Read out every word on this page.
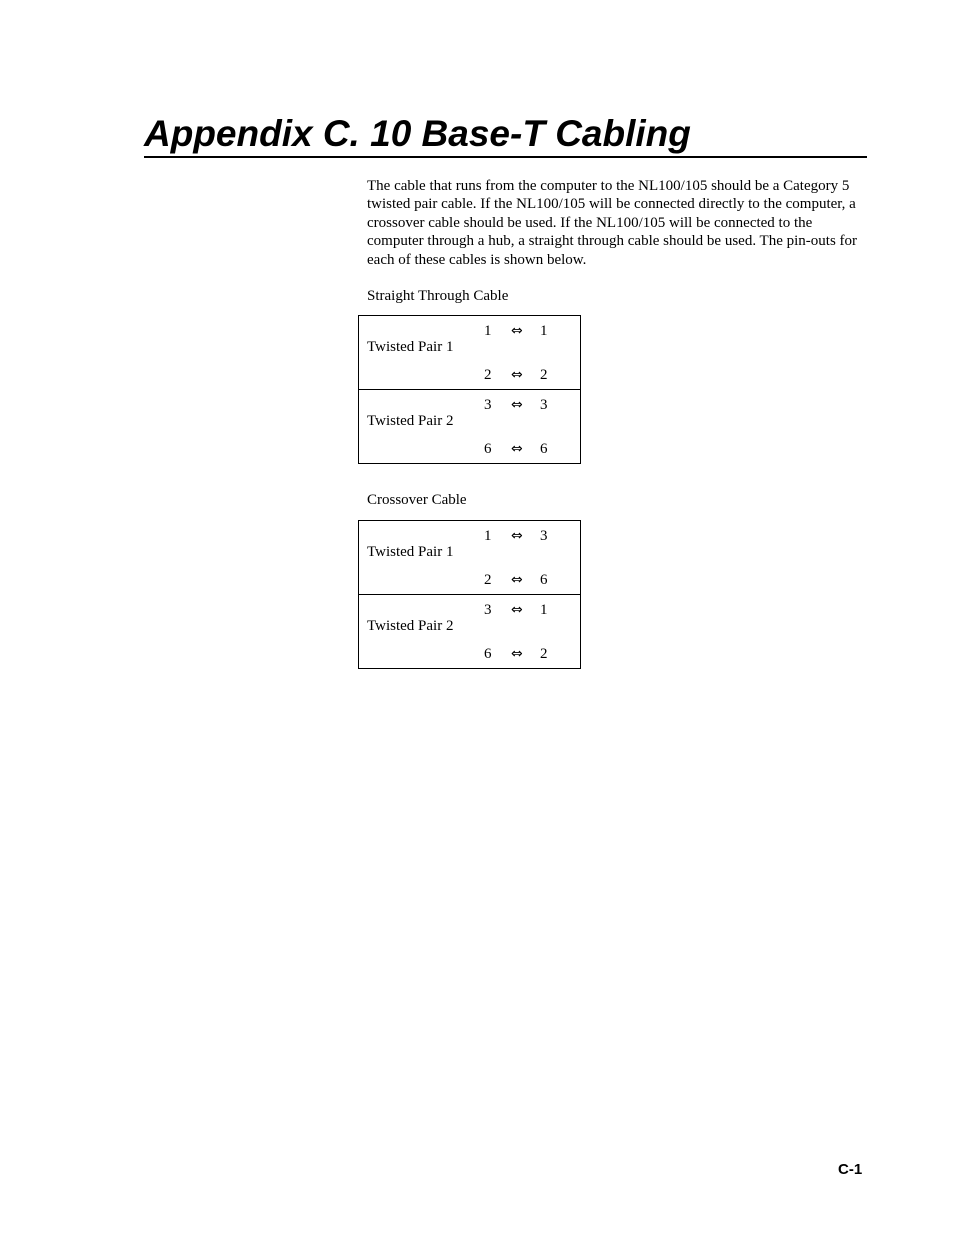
Appendix C. 10 Base-T Cabling
The cable that runs from the computer to the NL100/105 should be a Category 5 twisted pair cable. If the NL100/105 will be connected directly to the computer, a crossover cable should be used. If the NL100/105 will be connected to the computer through a hub, a straight through cable should be used. The pin-outs for each of these cables is shown below.
C-1
Straight Through Cable
Twisted Pair 1
1 ⇔ 1
2 ⇔ 2
Twisted Pair 2
3 ⇔ 3
6 ⇔ 6
Crossover Cable
Twisted Pair 1
1 ⇔ 3
2 ⇔ 6
Twisted Pair 2
3 ⇔ 1
6 ⇔ 2
